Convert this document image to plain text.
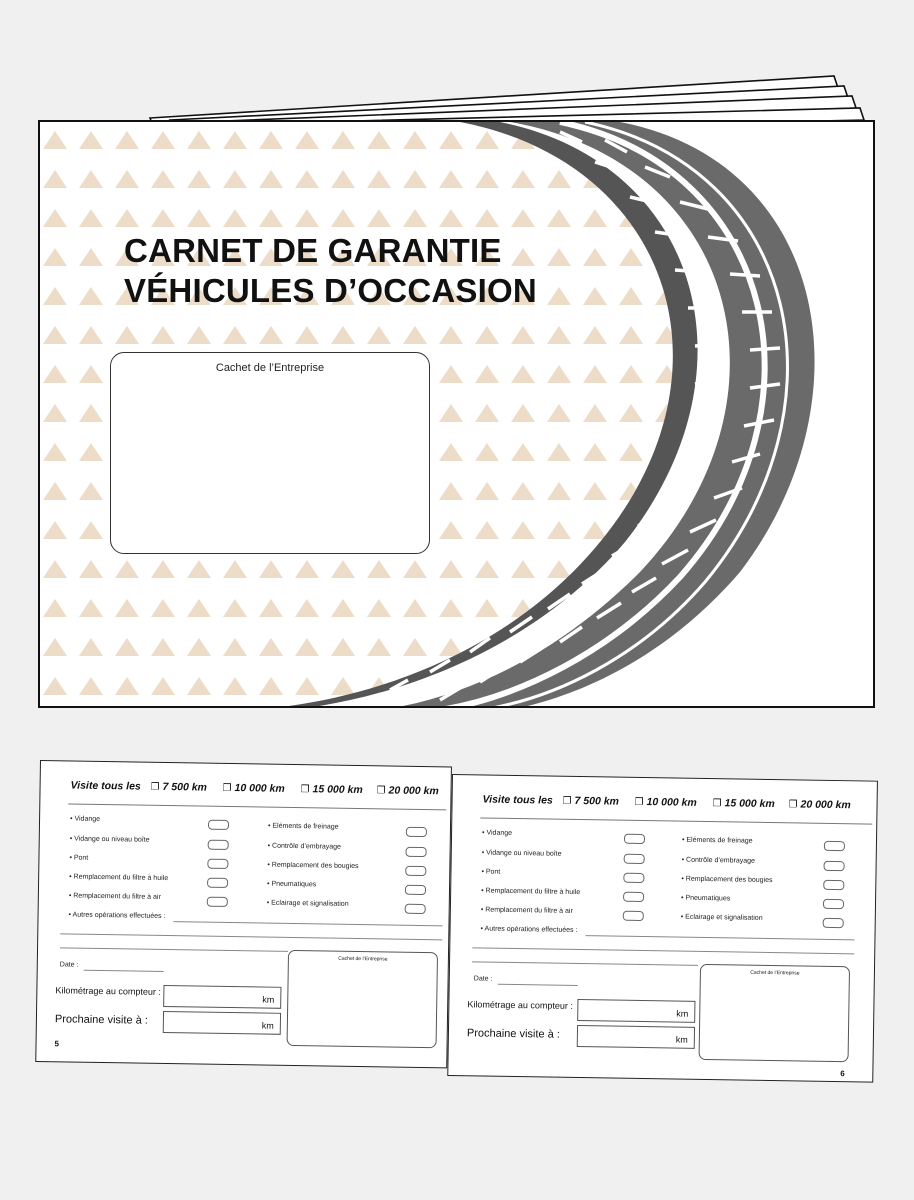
CARNET DE GARANTIE
VÉHICULES D’OCCASION
Cachet de l’Entreprise
Visite tous les ❐ 7 500 km ❐ 10 000 km ❐ 15 000 km ❐ 20 000 km
• Vidange
• Vidange ou niveau boîte
• Pont
• Remplacement du filtre à huile
• Remplacement du filtre à air
• Eléments de freinage
• Contrôle d’embrayage
• Remplacement des bougies
• Pneumatiques
• Eclairage et signalisation
• Autres opérations effectuées :
Date :
Kilométrage au compteur :
km
Prochaine visite à :	km
Cachet de l’Entreprise
5
Visite tous les ❐ 7 500 km ❐ 10 000 km ❐ 15 000 km ❐ 20 000 km
• Vidange
• Vidange ou niveau boîte
• Pont
• Remplacement du filtre à huile
• Remplacement du filtre à air
• Eléments de freinage
• Contrôle d’embrayage
• Remplacement des bougies
• Pneumatiques
• Eclairage et signalisation
• Autres opérations effectuées :
Date :
Kilométrage au compteur :
km
Prochaine visite à :	km
Cachet de l’Entreprise
6
